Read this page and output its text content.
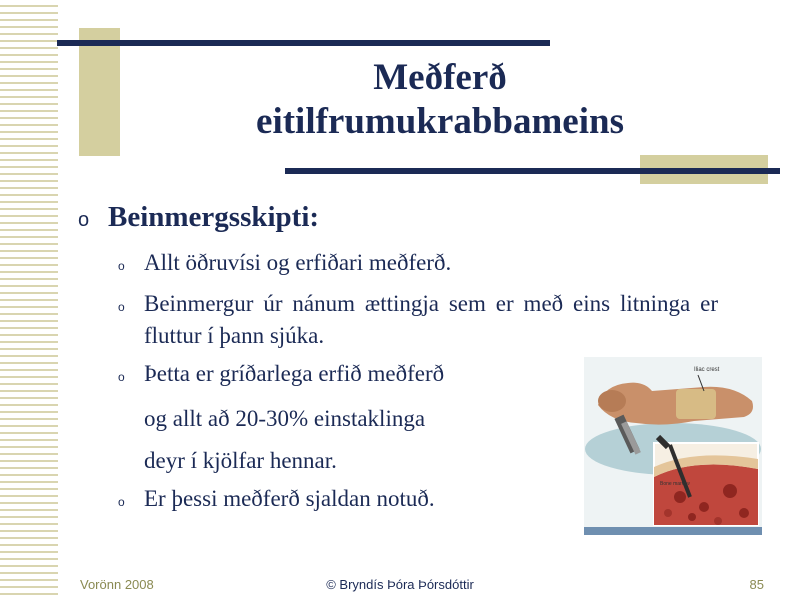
Meðferð
eitilfrumukrabbameins
o Beinmergsskipti:
o Allt öðruvísi og erfiðari meðferð.
o Beinmergur úr nánum ættingja sem er með eins litninga er fluttur í þann sjúka.
o Þetta er gríðarlega erfið meðferð
og allt að 20-30% einstaklinga
deyr í kjölfar hennar.
o Er þessi meðferð sjaldan notuð.
Iliac crest
Bone marrow
Vorönn 2008	© Bryndís Þóra Þórsdóttir	85
